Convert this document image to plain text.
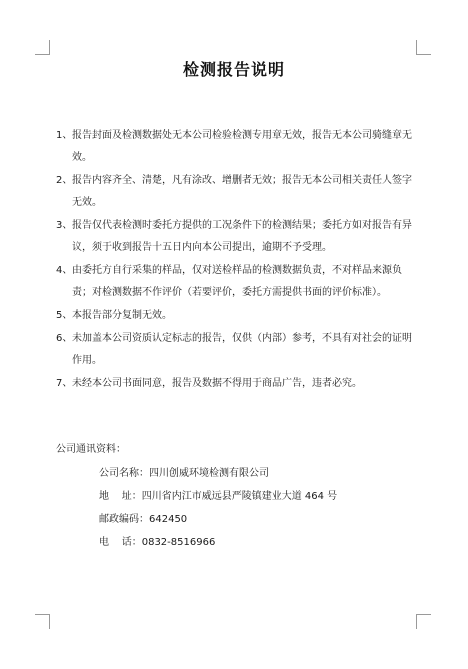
检测报告说明
1、 报告封面及检测数据处无本公司检验检测专用章无效，报告无本公司骑缝章无效。
2、 报告内容齐全、清楚，凡有涂改、增删者无效；报告无本公司相关责任人签字无效。
3、 报告仅代表检测时委托方提供的工况条件下的检测结果；委托方如对报告有异议，须于收到报告十五日内向本公司提出，逾期不予受理。
4、 由委托方自行采集的样品，仅对送检样品的检测数据负责，不对样品来源负责；对检测数据不作评价（若要评价，委托方需提供书面的评价标准）。
5、 本报告部分复制无效。
6、 未加盖本公司资质认定标志的报告，仅供（内部）参考，不具有对社会的证明作用。
7、 未经本公司书面同意，报告及数据不得用于商品广告，违者必究。
公司通讯资料：
公司名称： 四川创威环境检测有限公司
地    址： 四川省内江市威远县严陵镇建业大道 464 号
邮政编码： 642450
电    话： 0832-8516966
